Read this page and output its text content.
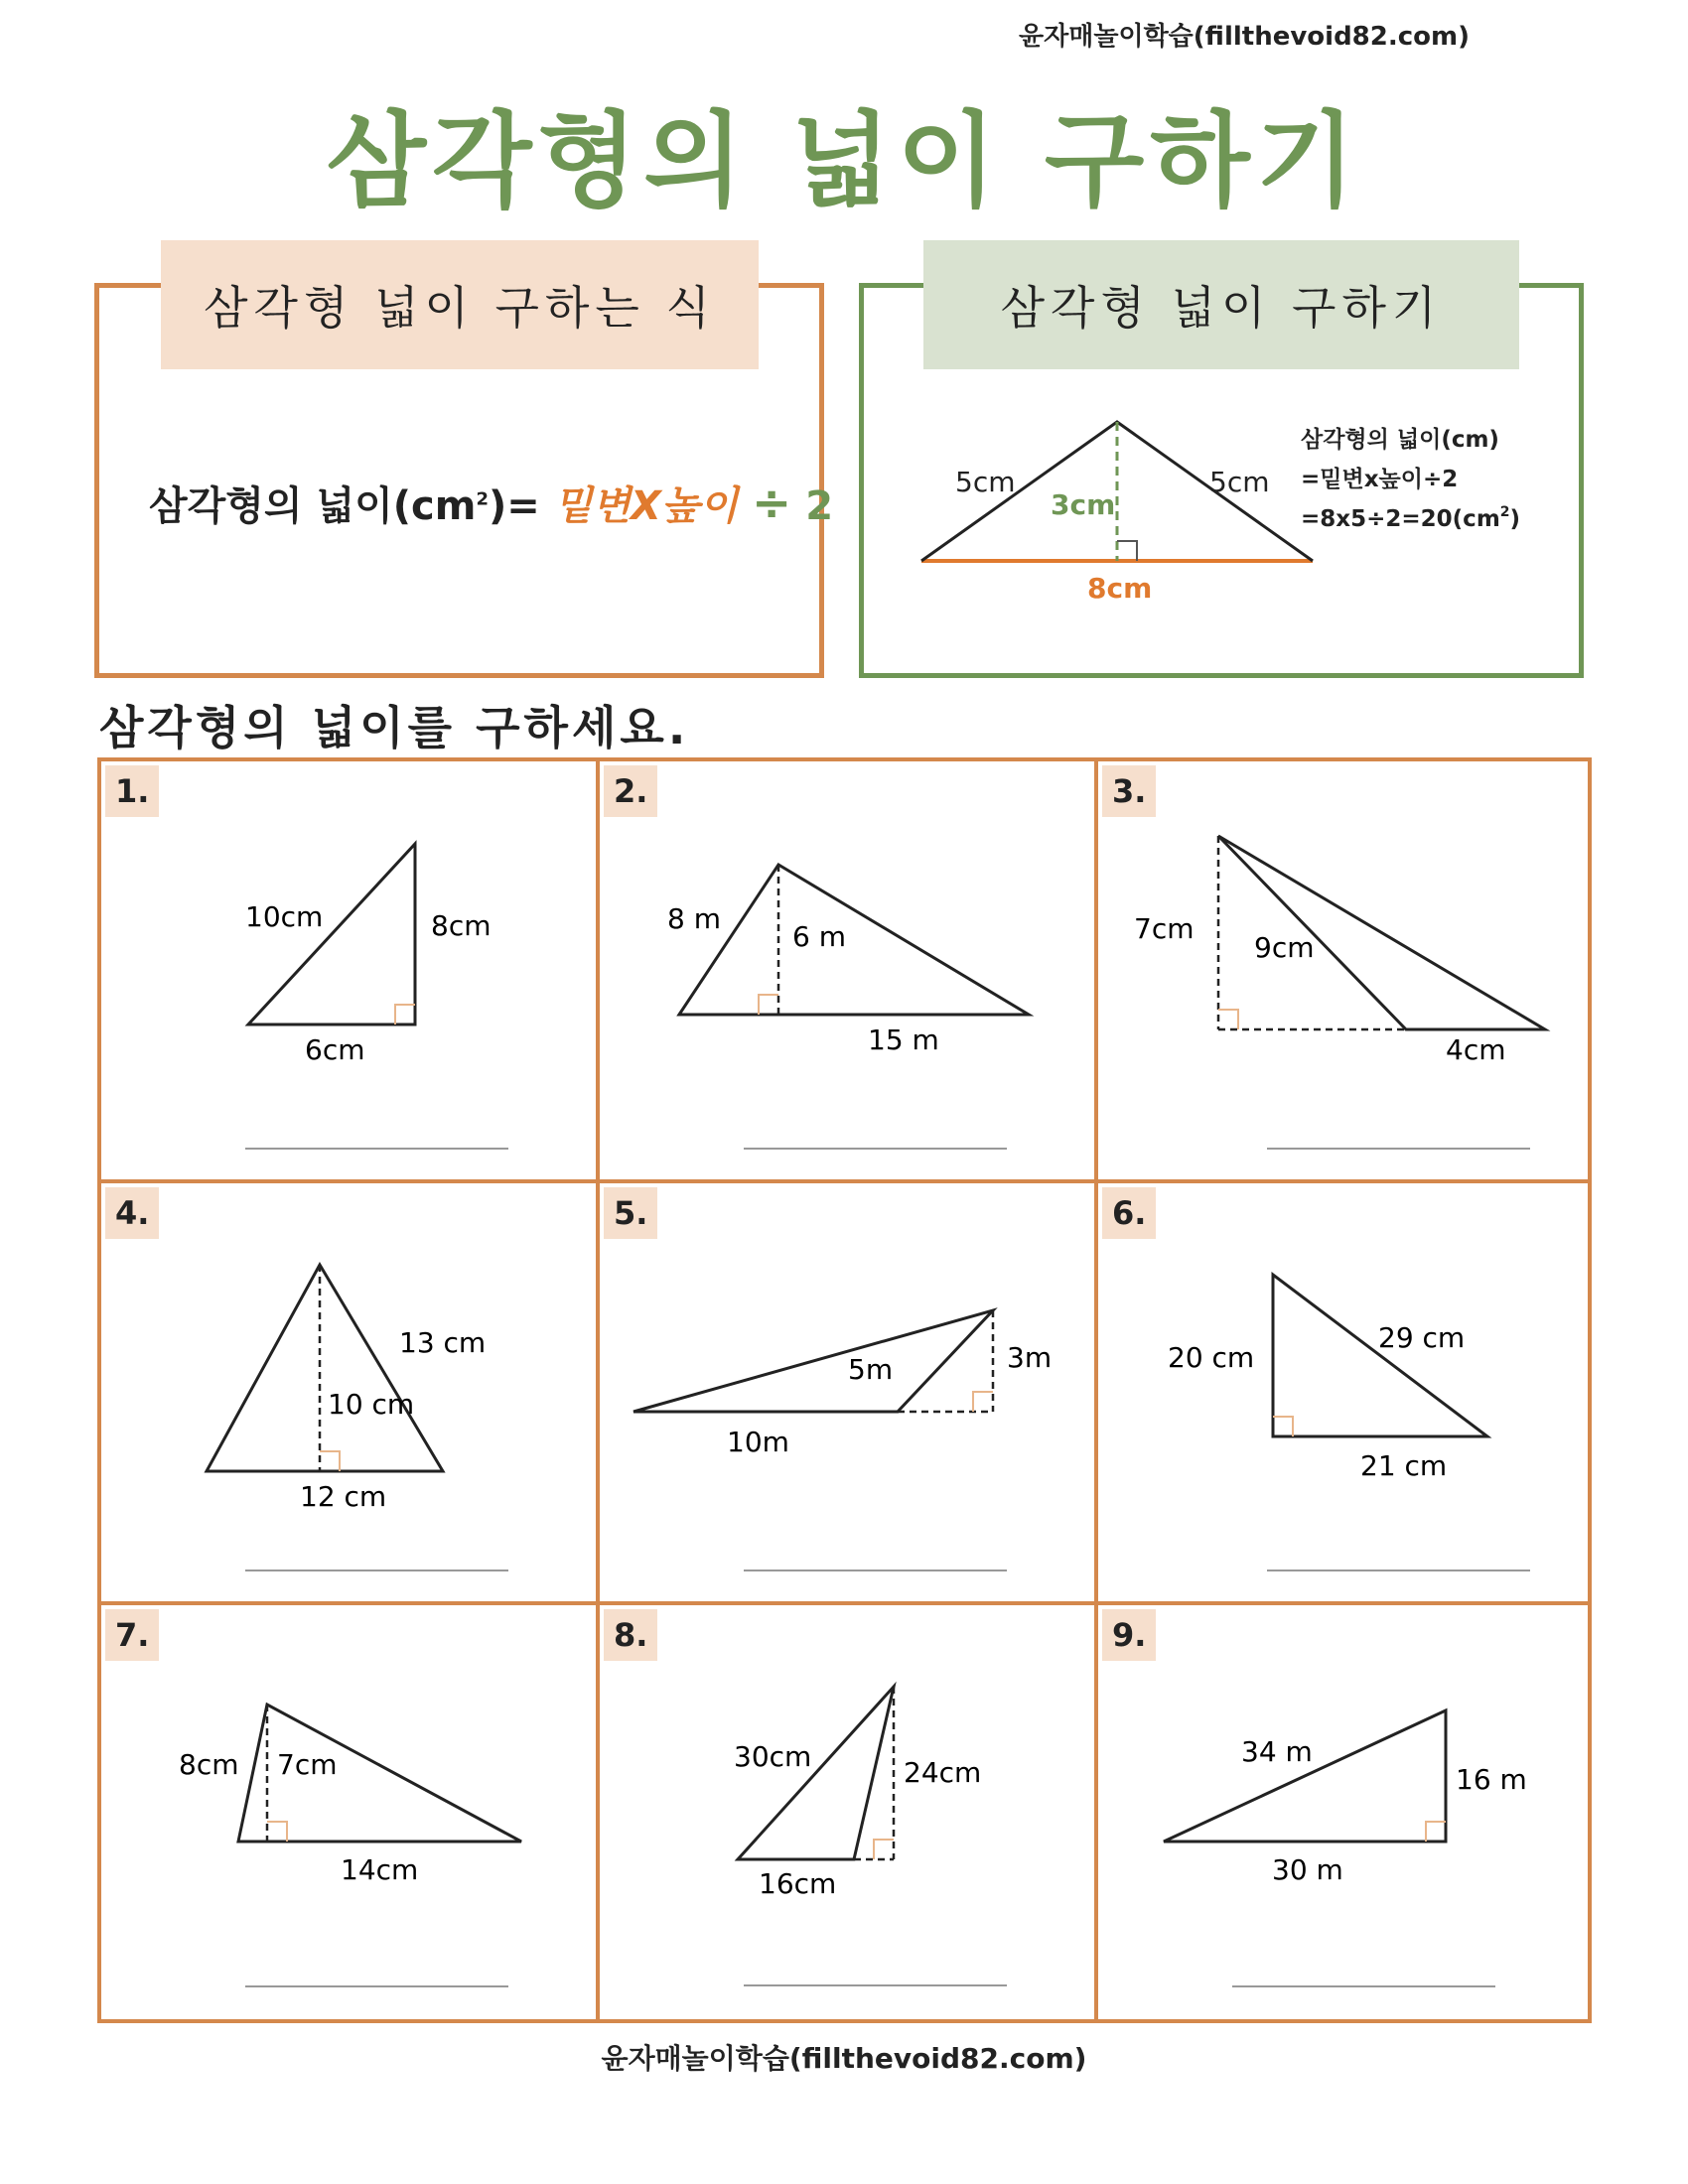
윤자매놀이학습(fillthevoid82.com)
삼각형의 넓이 구하기
삼각형 넓이 구하는 식
삼각형의 넓이$(cm^2)=$ 밑변X높이 ÷ 2
삼각형 넓이 구하기
5cm	5cm
3cm
8cm
삼각형의 넓이(cm)
=밑변x높이÷2
$=8x5\div 2=20(cm^2)$
삼각형의 넓이를 구하세요.
1.
10cm	8cm
6cm
2.
8 m
6 m
15 m
3.
7cm
9cm
4cm
4.
13 cm
10 cm
12 cm
5.
5m	3m
10m
6.
20 cm
29 cm
21 cm
7.
8cm 7cm
14cm
8.
30cm	24cm
16cm
9.
34 m
16 m
30 m
윤자매놀이학습(fillthevoid82.com)
